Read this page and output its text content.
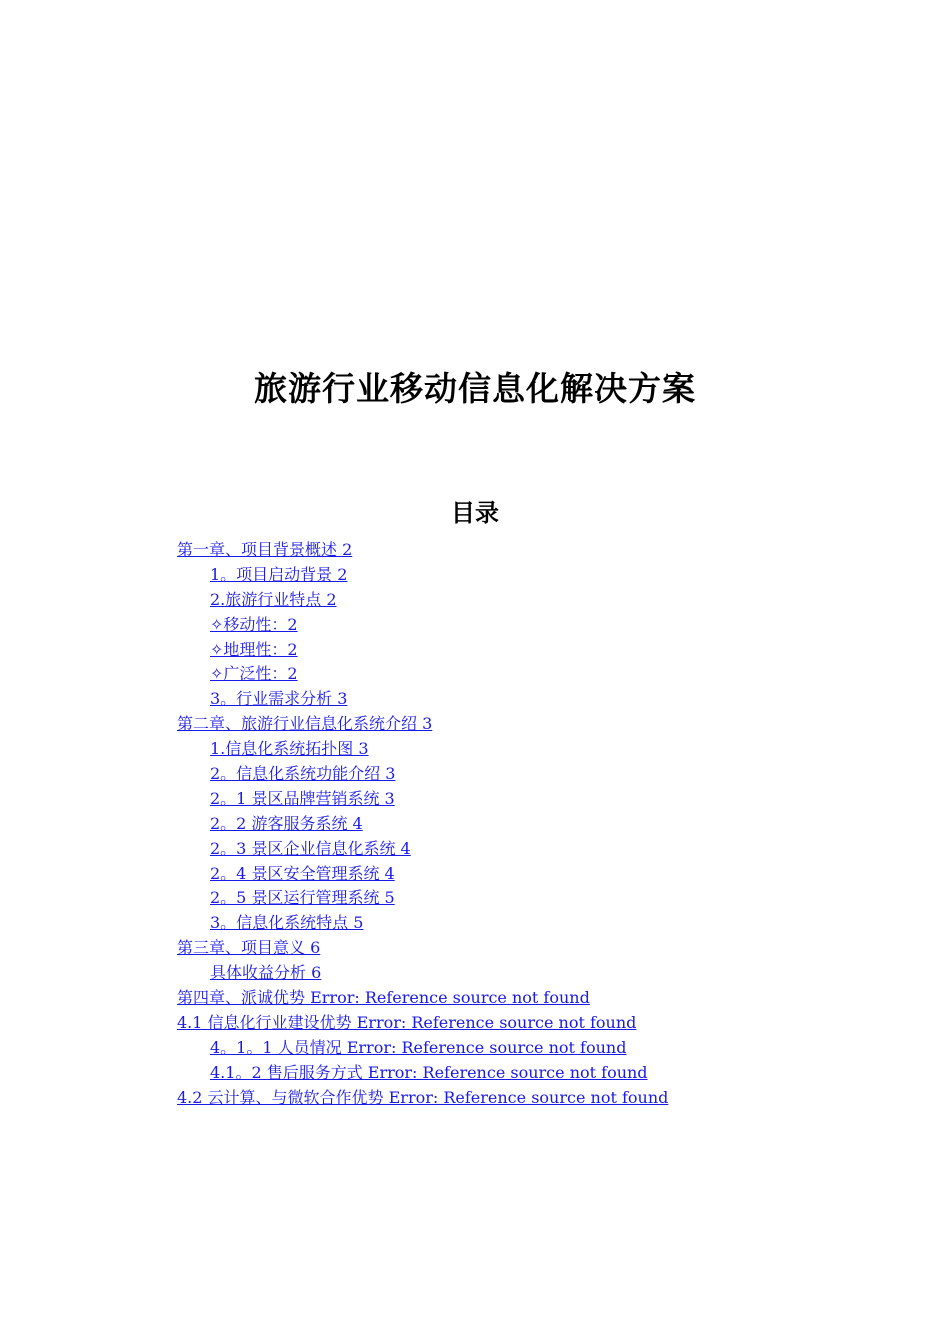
旅游行业移动信息化解决方案
目录
第一章、项目背景概述 2
1。项目启动背景 2
2.旅游行业特点 2
✧移动性：2
✧地理性：2
✧广泛性：2
3。行业需求分析 3
第二章、旅游行业信息化系统介绍 3
1.信息化系统拓扑图 3
2。信息化系统功能介绍 3
2。1 景区品牌营销系统 3
2。2 游客服务系统 4
2。3 景区企业信息化系统 4
2。4 景区安全管理系统 4
2。5 景区运行管理系统 5
3。信息化系统特点 5
第三章、项目意义 6
具体收益分析 6
第四章、派诚优势 Error: Reference source not found
4.1 信息化行业建设优势 Error: Reference source not found
4。1。1 人员情况 Error: Reference source not found
4.1。2 售后服务方式 Error: Reference source not found
4.2 云计算、与微软合作优势 Error: Reference source not found
